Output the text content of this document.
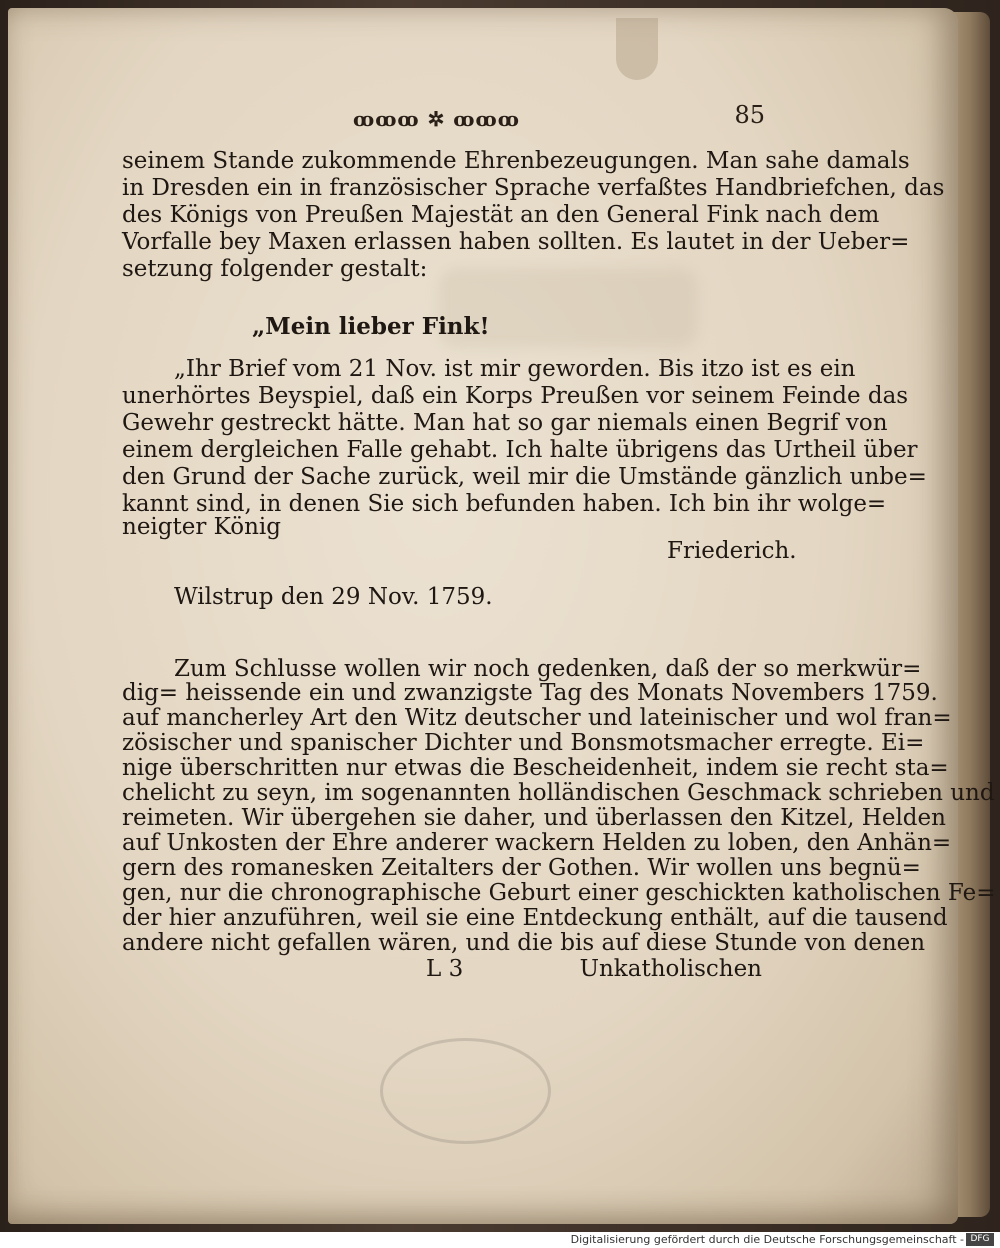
ꝏꝏꝏ ✲ ꝏꝏꝏ	85
seinem Stande zukommende Ehrenbezeugungen. Man sahe damals
in Dresden ein in französischer Sprache verfaßtes Handbriefchen, das
des Königs von Preußen Majestät an den General Fink nach dem
Vorfalle bey Maxen erlassen haben sollten. Es lautet in der Ueber=
setzung folgender gestalt:
„Mein lieber Fink!
„Ihr Brief vom 21 Nov. ist mir geworden. Bis itzo ist es ein
unerhörtes Beyspiel, daß ein Korps Preußen vor seinem Feinde das
Gewehr gestreckt hätte. Man hat so gar niemals einen Begrif von
einem dergleichen Falle gehabt. Ich halte übrigens das Urtheil über
den Grund der Sache zurück, weil mir die Umstände gänzlich unbe=
kannt sind, in denen Sie sich befunden haben. Ich bin ihr wolge=
neigter König
Friederich.
Wilstrup den 29 Nov. 1759.
Zum Schlusse wollen wir noch gedenken, daß der so merkwür=
dig= heissende ein und zwanzigste Tag des Monats Novembers 1759.
auf mancherley Art den Witz deutscher und lateinischer und wol fran=
zösischer und spanischer Dichter und Bonsmotsmacher erregte. Ei=
nige überschritten nur etwas die Bescheidenheit, indem sie recht sta=
chelicht zu seyn, im sogenannten holländischen Geschmack schrieben und
reimeten. Wir übergehen sie daher, und überlassen den Kitzel, Helden
auf Unkosten der Ehre anderer wackern Helden zu loben, den Anhän=
gern des romanesken Zeitalters der Gothen. Wir wollen uns begnü=
gen, nur die chronographische Geburt einer geschickten katholischen Fe=
der hier anzuführen, weil sie eine Entdeckung enthält, auf die tausend
andere nicht gefallen wären, und die bis auf diese Stunde von denen
L 3	Unkatholischen
Digitalisierung gefördert durch die Deutsche Forschungsgemeinschaft - DFG
